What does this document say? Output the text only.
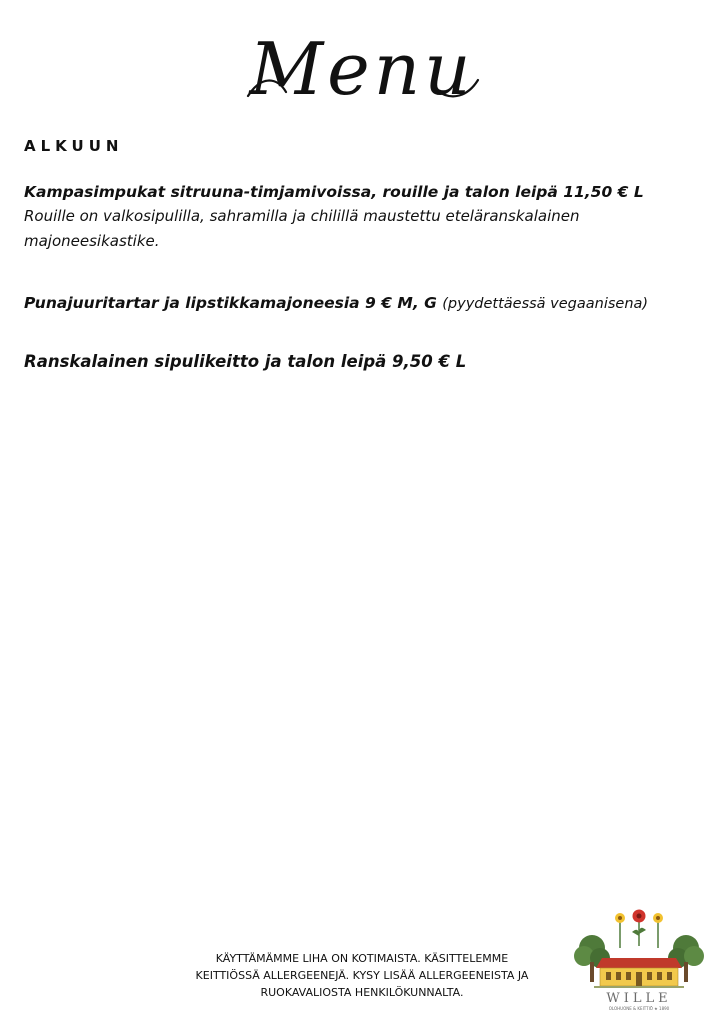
Menu
ALKUUN
Kampasimpukat sitruuna-timjamivoissa, rouille ja talon leipä 11,50 € L
Rouille on valkosipulilla, sahramilla ja chilillä maustettu eteläranskalainen
majoneesikastike.
Punajuuritartar ja lipstikkamajoneesia 9 € M, G (pyydettäessä vegaanisena)
Ranskalainen sipulikeitto ja talon leipä 9,50 € L
KÄYTTÄMÄMME LIHA ON KOTIMAISTA. KÄSITTELEMME
KEITTIÖSSÄ ALLERGEENEJÄ. KYSY LISÄÄ ALLERGEENEISTA JA
RUOKAVALIOSTA HENKILÖKUNNALTA.	WILLE
OLOHUONE & KEITTIÖ ★ 1890
